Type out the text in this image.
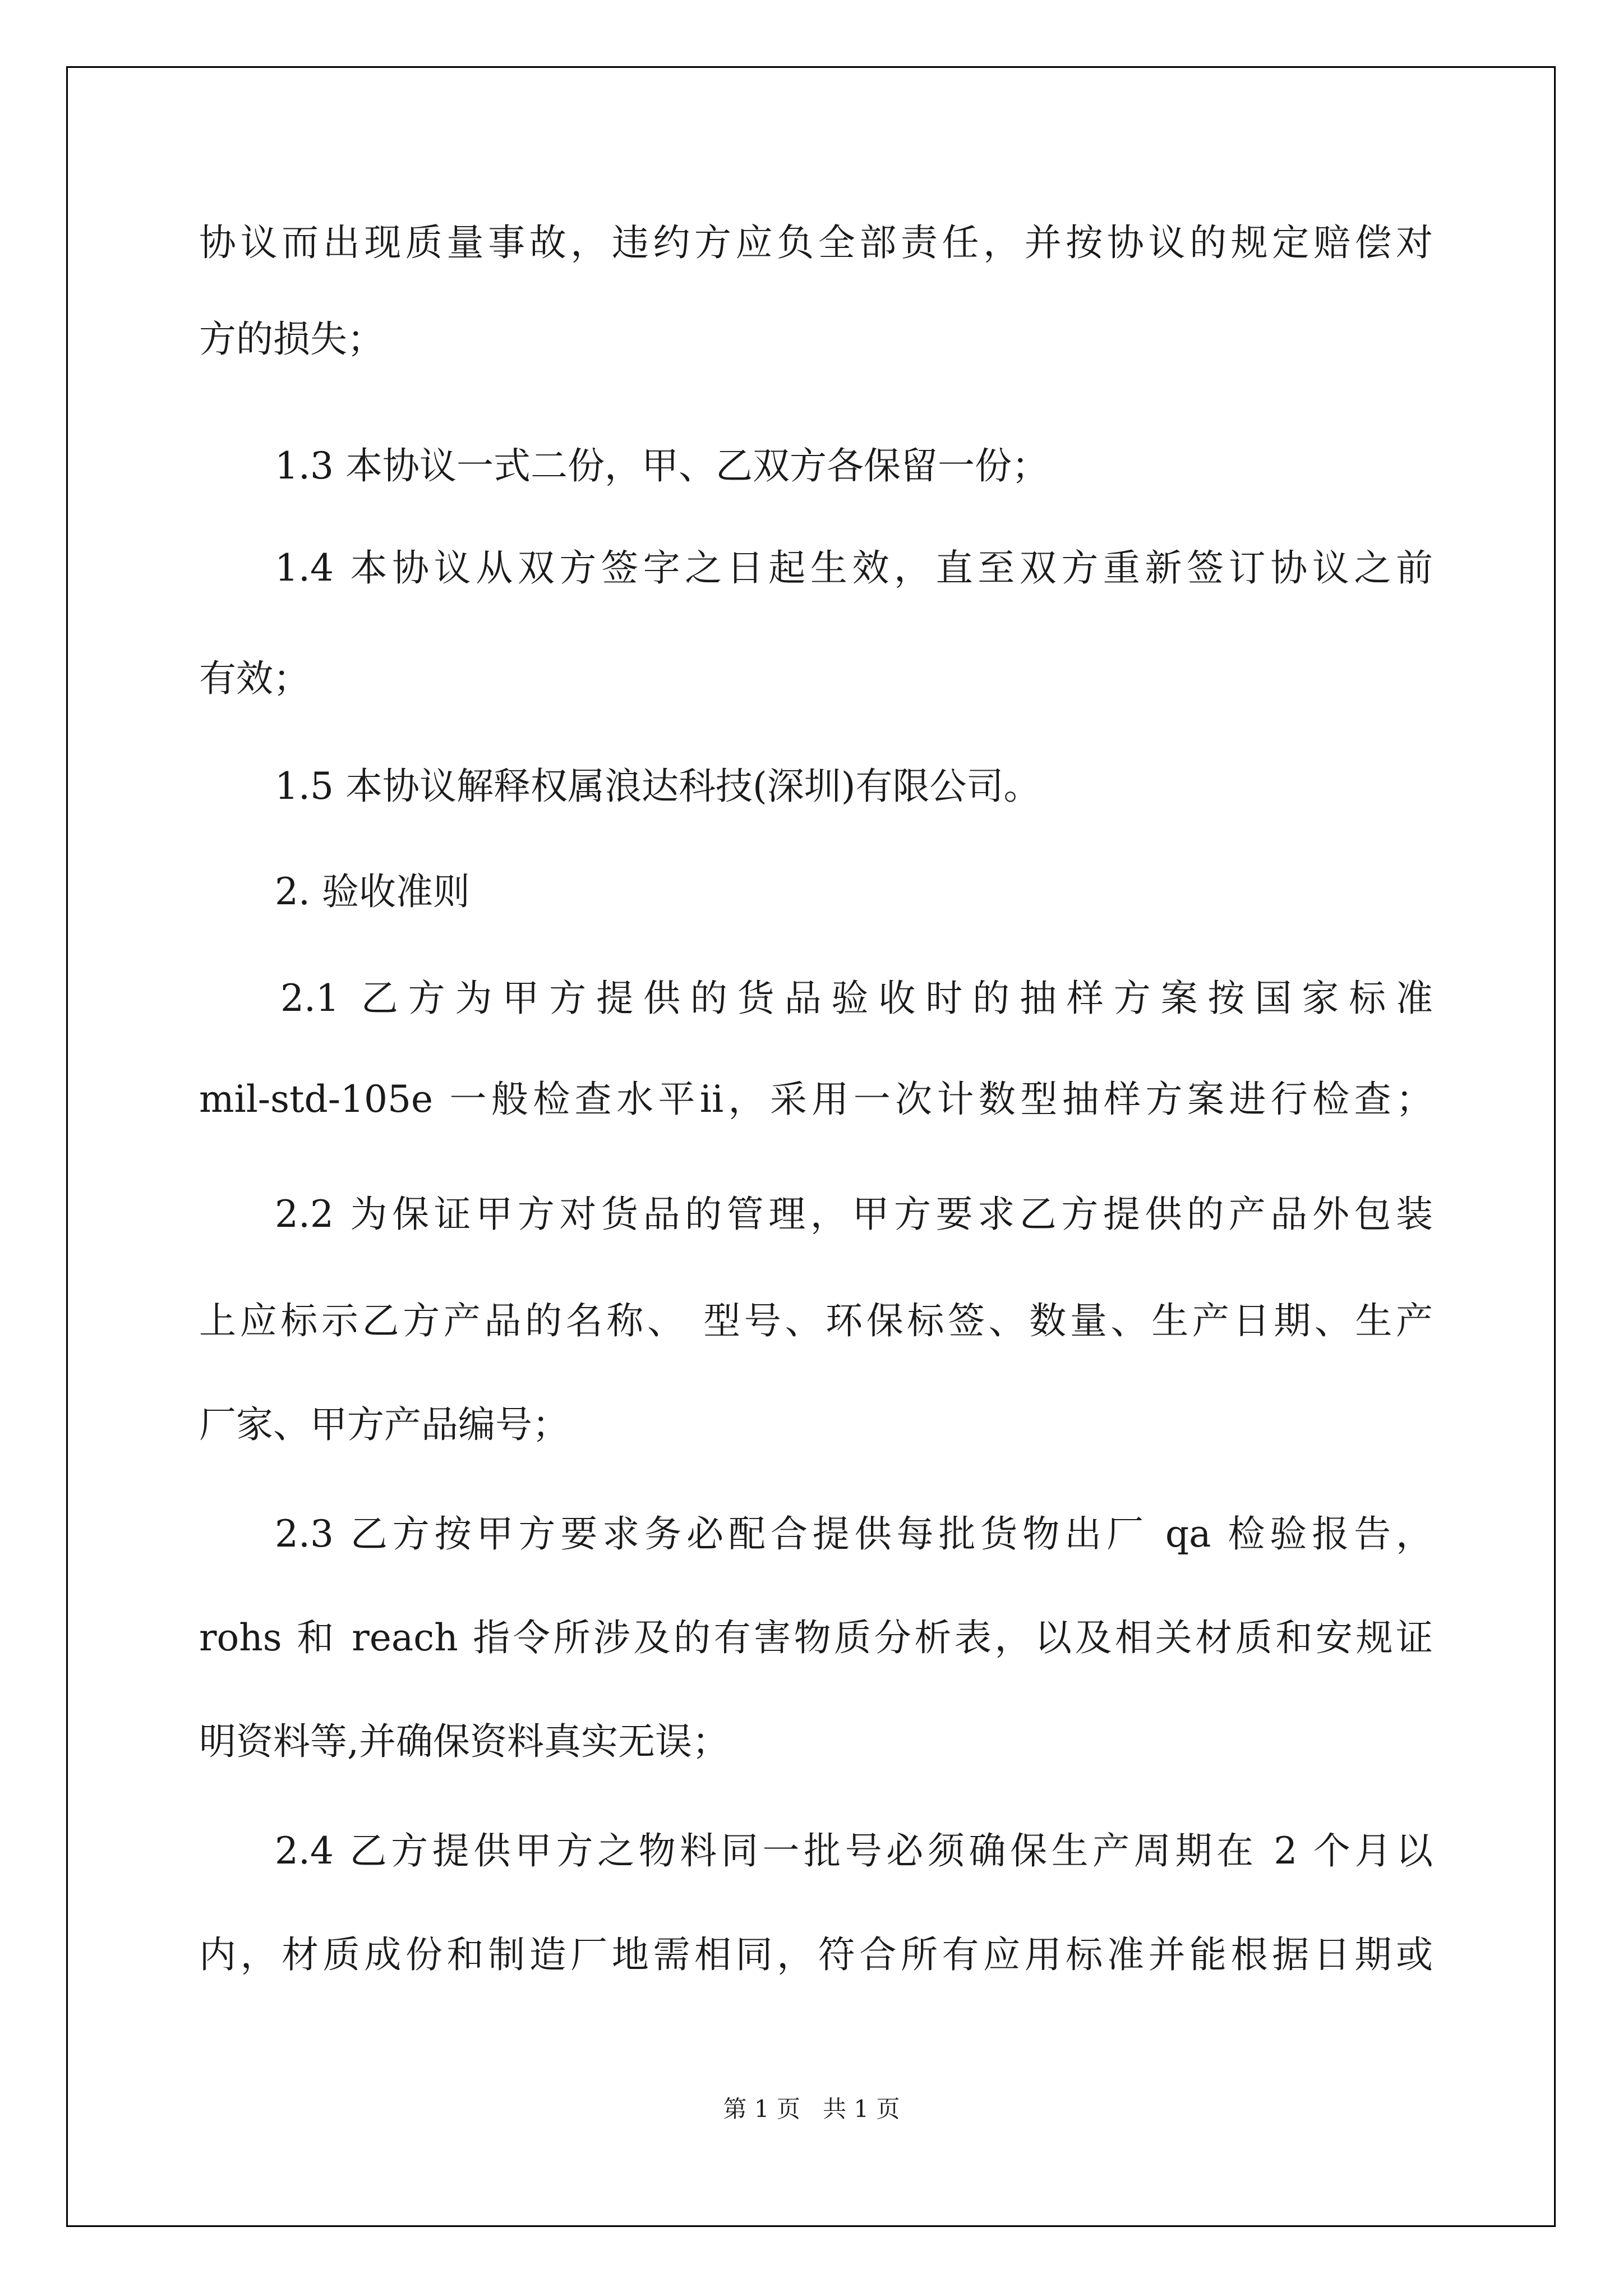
协议而出现质量事故，违约方应负全部责任，并按协议的规定赔偿对

方的损失；

1.3 本协议一式二份，甲、乙双方各保留一份；

1.4 本协议从双方签字之日起生效，直至双方重新签订协议之前

有效；

1.5 本协议解释权属浪达科技(深圳)有限公司。

2. 验收准则

2.1 乙方为甲方提供的货品验收时的抽样方案按国家标准

mil-std-105e 一般检查水平ii，采用一次计数型抽样方案进行检查；

2.2 为保证甲方对货品的管理，甲方要求乙方提供的产品外包装

上应标示乙方产品的名称、 型号、环保标签、数量、生产日期、生产

厂家、甲方产品编号；

2.3 乙方按甲方要求务必配合提供每批货物出厂 qa 检验报告，

rohs 和 reach 指令所涉及的有害物质分析表，以及相关材质和安规证

明资料等,并确保资料真实无误；

2.4 乙方提供甲方之物料同一批号必须确保生产周期在 2 个月以

内，材质成份和制造厂地需相同，符合所有应用标准并能根据日期或

第 1 页   共 1 页
